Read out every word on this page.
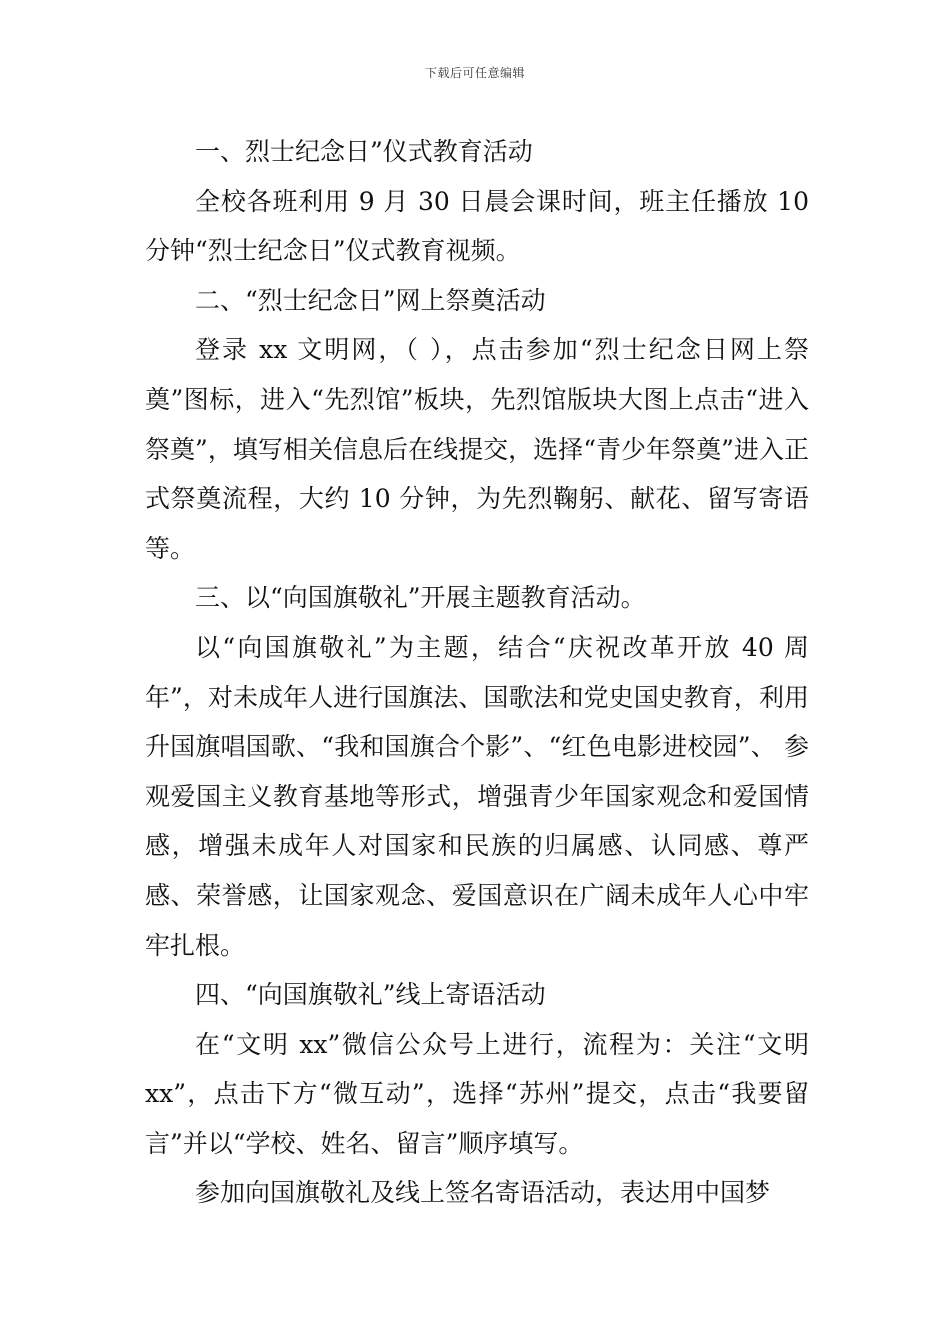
下载后可任意编辑

一、烈士纪念日”仪式教育活动

全校各班利用 9 月 30 日晨会课时间，班主任播放 10 分钟“烈士纪念日”仪式教育视频。

二、“烈士纪念日”网上祭奠活动

登录 xx 文明网，（ ），点击参加“烈士纪念日网上祭奠”图标，进入“先烈馆”板块，先烈馆版块大图上点击“进入祭奠”，填写相关信息后在线提交，选择“青少年祭奠”进入正式祭奠流程，大约 10 分钟，为先烈鞠躬、献花、留写寄语等。

三、以“向国旗敬礼”开展主题教育活动。

以“向国旗敬礼”为主题，结合“庆祝改革开放 40 周年”，对未成年人进行国旗法、国歌法和党史国史教育，利用升国旗唱国歌、“我和国旗合个影”、“红色电影进校园”、 参观爱国主义教育基地等形式，增强青少年国家观念和爱国情感，增强未成年人对国家和民族的归属感、认同感、尊严感、荣誉感，让国家观念、爱国意识在广阔未成年人心中牢牢扎根。

四、“向国旗敬礼”线上寄语活动

在“文明 xx”微信公众号上进行，流程为：关注“文明 xx”，点击下方“微互动”，选择“苏州”提交，点击“我要留言”并以“学校、姓名、留言”顺序填写。

参加向国旗敬礼及线上签名寄语活动，表达用中国梦
